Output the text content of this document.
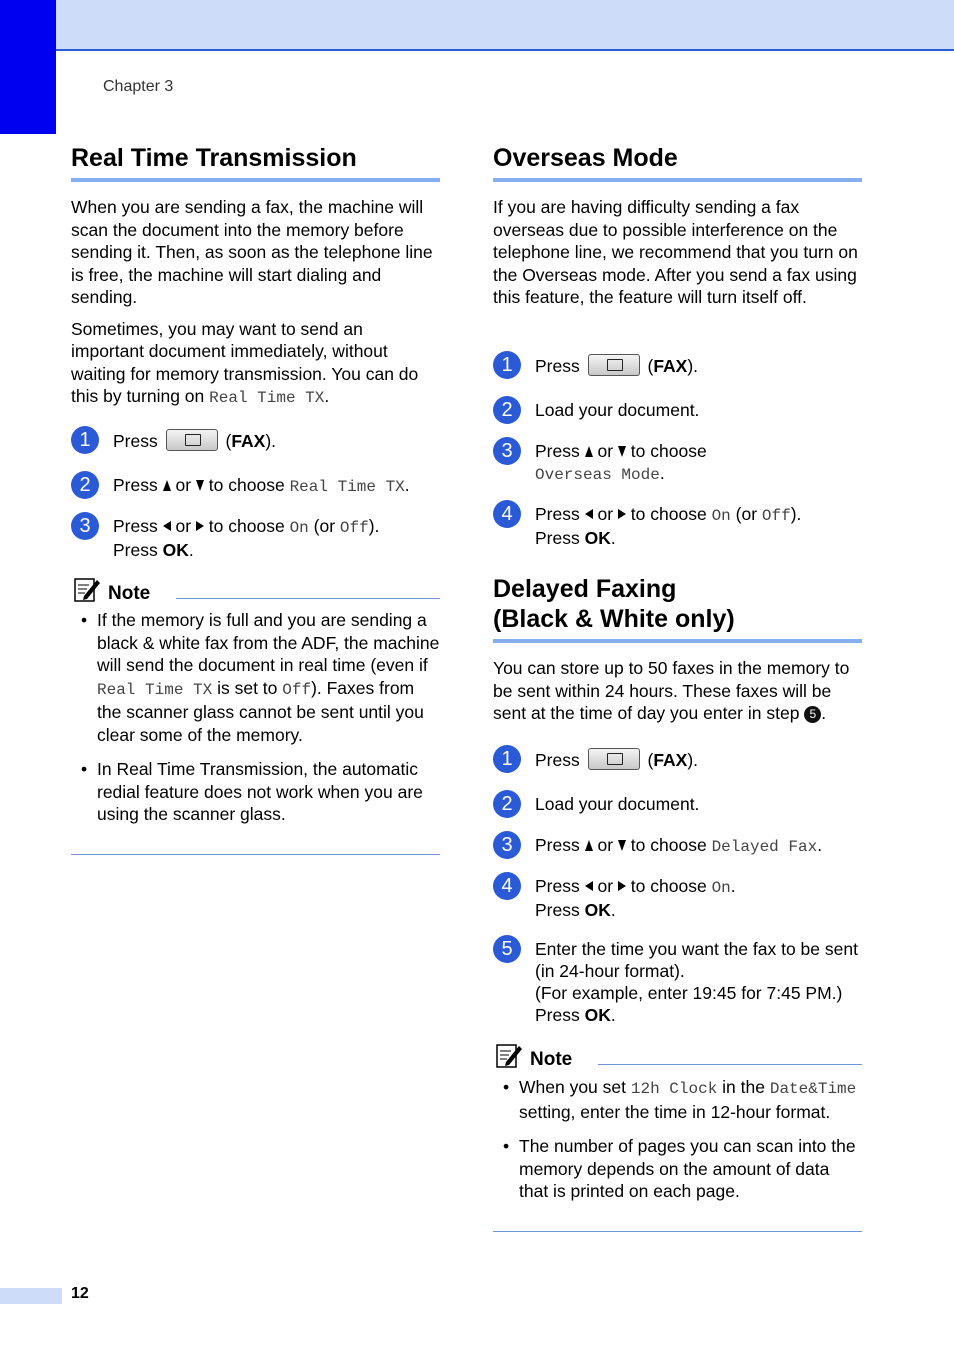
Chapter 3
Real Time Transmission

When you are sending a fax, the machine will scan the document into the memory before sending it. Then, as soon as the telephone line is free, the machine will start dialing and sending.

Sometimes, you may want to send an important document immediately, without waiting for memory transmission. You can do this by turning on Real Time TX.

1	Press	(FAX).
2	Press or to choose Real Time TX.
3	Press or to choose On (or Off).
Press OK.
Note
• If the memory is full and you are sending a black & white fax from the ADF, the machine will send the document in real time (even if Real Time TX is set to Off). Faxes from the scanner glass cannot be sent until you clear some of the memory.
• In Real Time Transmission, the automatic redial feature does not work when you are using the scanner glass.
Overseas Mode

If you are having difficulty sending a fax overseas due to possible interference on the telephone line, we recommend that you turn on the Overseas mode. After you send a fax using this feature, the feature will turn itself off.

1	Press	(FAX).
2	Load your document.
3	Press or to choose
Overseas Mode.
4	Press or to choose On (or Off).
Press OK.
Delayed Faxing
(Black & White only)

You can store up to 50 faxes in the memory to be sent within 24 hours. These faxes will be sent at the time of day you enter in step 5 .

1	Press	(FAX).
2	Load your document.
3	Press or to choose Delayed Fax.
4	Press or to choose On.
Press OK.
5	Enter the time you want the fax to be sent (in 24-hour format).
(For example, enter 19:45 for 7:45 PM.)
Press OK.
Note
• When you set 12h Clock in the Date&Time setting, enter the time in 12-hour format.
• The number of pages you can scan into the memory depends on the amount of data that is printed on each page.
12
